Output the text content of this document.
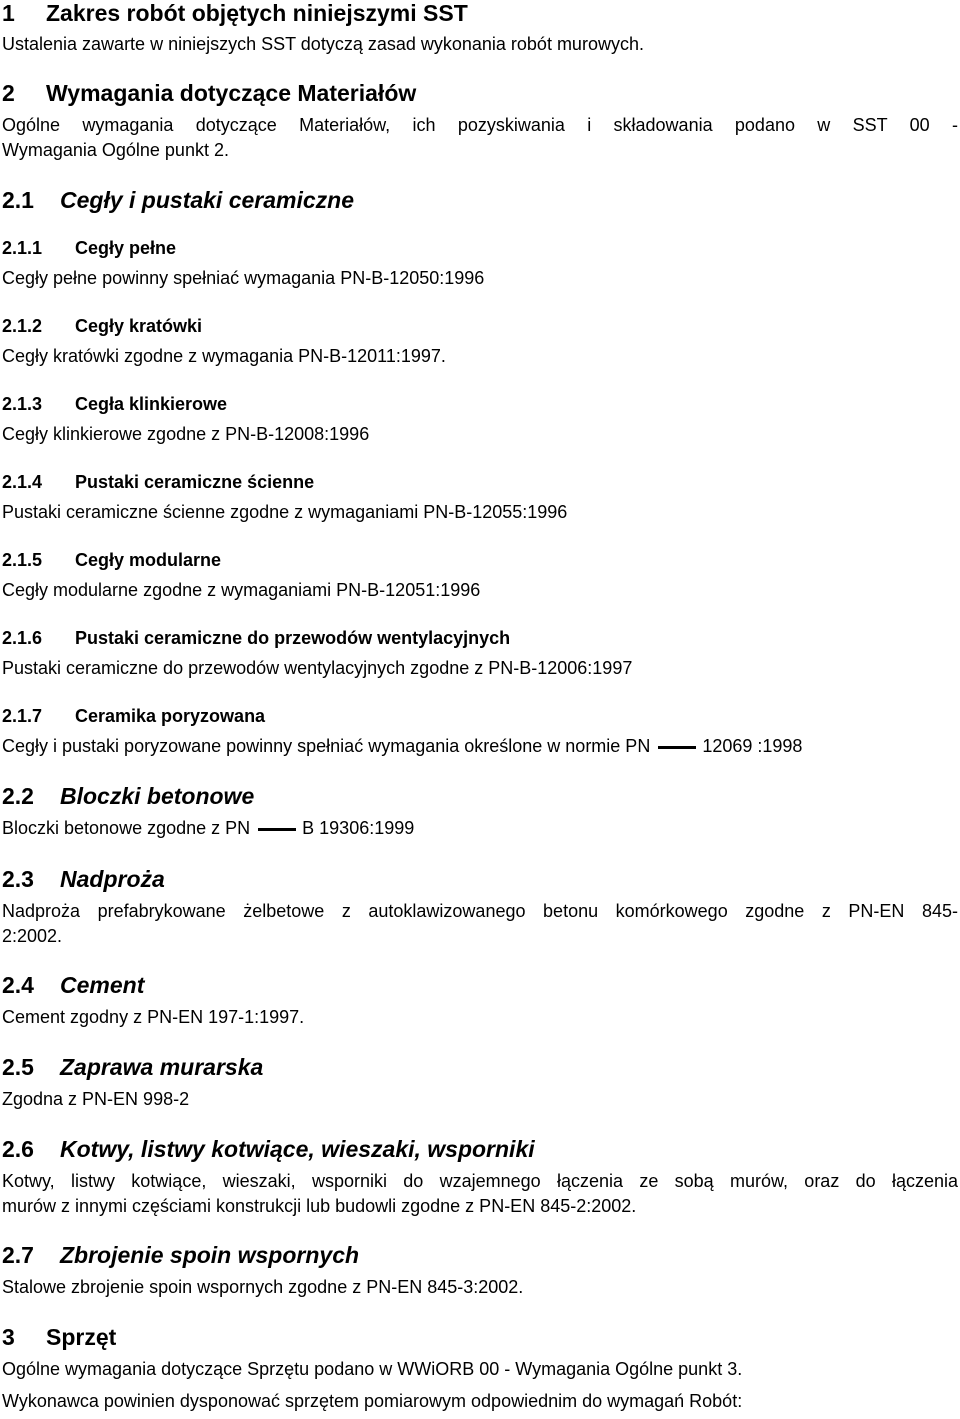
1 Zakres robót objętych niniejszymi SST
Ustalenia zawarte w niniejszych SST dotyczą zasad wykonania robót murowych.
2 Wymagania dotyczące Materiałów
Ogólne wymagania dotyczące Materiałów, ich pozyskiwania i składowania podano w SST 00 -
Wymagania Ogólne punkt 2.
2.1 Cegły i pustaki ceramiczne
2.1.1 Cegły pełne
Cegły pełne powinny spełniać wymagania PN-B-12050:1996
2.1.2 Cegły kratówki
Cegły kratówki zgodne z wymagania PN-B-12011:1997.
2.1.3 Cegła klinkierowe
Cegły klinkierowe zgodne z PN-B-12008:1996
2.1.4 Pustaki ceramiczne ścienne
Pustaki ceramiczne ścienne zgodne z wymaganiami PN-B-12055:1996
2.1.5 Cegły modularne
Cegły modularne zgodne z wymaganiami PN-B-12051:1996
2.1.6 Pustaki ceramiczne do przewodów wentylacyjnych
Pustaki ceramiczne do przewodów wentylacyjnych zgodne z PN-B-12006:1997
2.1.7 Ceramika poryzowana
Cegły i pustaki poryzowane powinny spełniać wymagania określone w normie PN	12069 :1998
2.2 Bloczki betonowe
Bloczki betonowe zgodne z PN	B 19306:1999
2.3 Nadproża
Nadproża prefabrykowane żelbetowe z autoklawizowanego betonu komórkowego zgodne z PN-EN 845-
2:2002.
2.4 Cement
Cement zgodny z PN-EN 197-1:1997.
2.5 Zaprawa murarska
Zgodna z PN-EN 998-2
2.6 Kotwy, listwy kotwiące, wieszaki, wsporniki
Kotwy, listwy kotwiące, wieszaki, wsporniki do wzajemnego łączenia ze sobą murów, oraz do łączenia
murów z innymi częściami konstrukcji lub budowli zgodne z PN-EN 845-2:2002.
2.7 Zbrojenie spoin wspornych
Stalowe zbrojenie spoin wspornych zgodne z PN-EN 845-3:2002.
3 Sprzęt
Ogólne wymagania dotyczące Sprzętu podano w WWiORB 00 - Wymagania Ogólne punkt 3.
Wykonawca powinien dysponować sprzętem pomiarowym odpowiednim do wymagań Robót:
